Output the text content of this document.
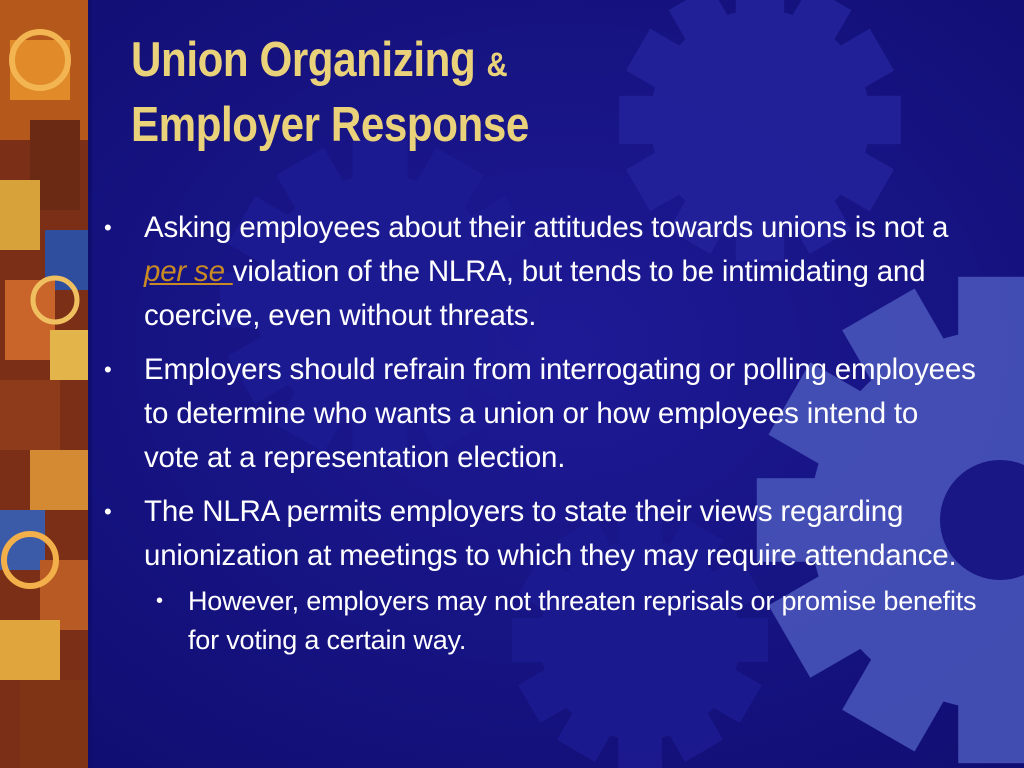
Union Organizing &
Employer Response
• Asking employees about their attitudes towards unions is not a per se violation of the NLRA, but tends to be intimidating and coercive, even without threats.
• Employers should refrain from interrogating or polling employees to determine who wants a union or how employees intend to vote at a representation election.
• The NLRA permits employers to state their views regarding unionization at meetings to which they may require attendance.
• However, employers may not threaten reprisals or promise benefits for voting a certain way.
